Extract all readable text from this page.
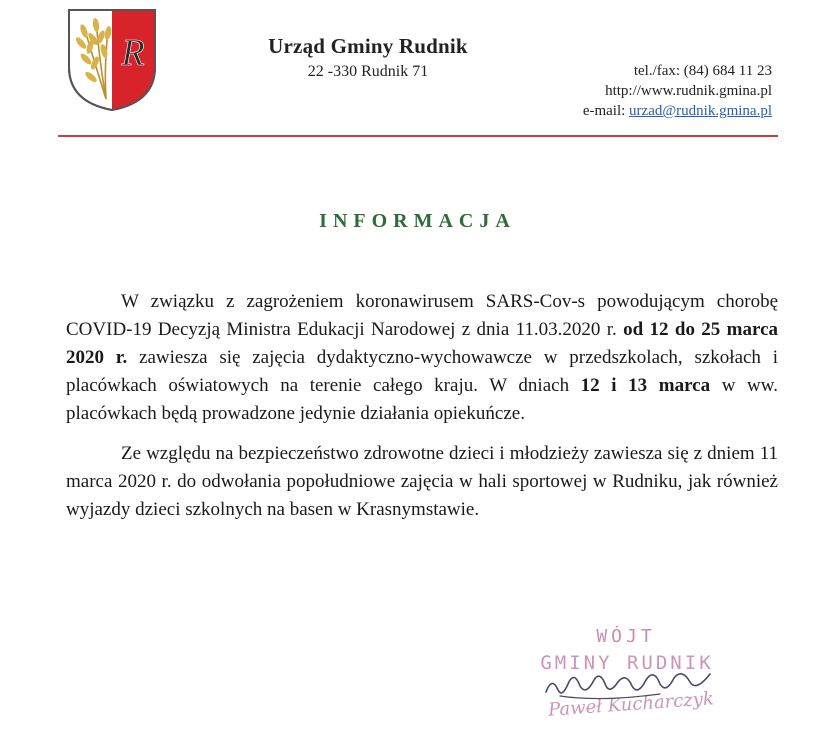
R	Urząd Gminy Rudnik
22 -330 Rudnik 71	tel./fax: (84) 684 11 23
http://www.rudnik.gmina.pl
e-mail: urzad@rudnik.gmina.pl
INFORMACJA

W związku z zagrożeniem koronawirusem SARS-Cov-s powodującym chorobę COVID-19 Decyzją Ministra Edukacji Narodowej z dnia 11.03.2020 r. od 12 do 25 marca 2020 r. zawiesza się zajęcia dydaktyczno-wychowawcze w przedszkolach, szkołach i placówkach oświatowych na terenie całego kraju. W dniach 12 i 13 marca w ww. placówkach będą prowadzone jedynie działania opiekuńcze.

Ze względu na bezpieczeństwo zdrowotne dzieci i młodzieży zawiesza się z dniem 11 marca 2020 r. do odwołania popołudniowe zajęcia w hali sportowej w Rudniku, jak również wyjazdy dzieci szkolnych na basen w Krasnymstawie.

WÓJT
GMINY RUDNIK
Paweł Kucharczyk
